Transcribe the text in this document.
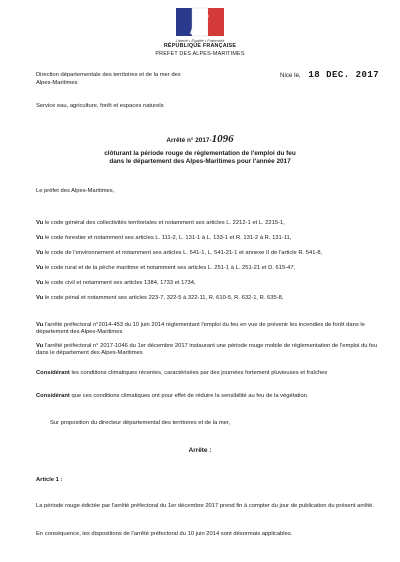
Liberté • Égalité • Fraternité
RÉPUBLIQUE FRANÇAISE
PREFET DES ALPES-MARITIMES
Direction départementale des territoires et de la mer des Alpes-Maritimes
Service eau, agriculture, forêt et espaces naturels
Nice le, 18 DEC. 2017
Arrêté n° 2017-1096
clôturant la période rouge de réglementation de l'emploi du feu
dans le département des Alpes-Maritimes pour l'année 2017
Le préfet des Alpes-Maritimes,
Vu le code général des collectivités territoriales et notamment ses articles L. 2212-1 et L. 2215-1,
Vu le code forestier et notamment ses articles L. 111-2, L. 131-1 à L. 133-1 et R. 131-2 à R. 131-11,
Vu le code de l'environnement et notamment ses articles L. 541-1, L. 541-21-1 et annexe II de l'article R. 541-8,
Vu le code rural et de la pêche maritime et notamment ses articles L. 251-1 à L. 251-21 et D. 615-47,
Vu le code civil et notamment ses articles 1384, 1733 et 1734,
Vu le code pénal et notamment ses articles 223-7, 322-5 à 322-11, R. 610-5, R. 632-1, R. 635-8,
Vu l'arrêté préfectoral n°2014-453 du 10 juin 2014 réglementant l'emploi du feu en vue de prévenir les incendies de forêt dans le département des Alpes-Maritimes
Vu l'arrêté préfectoral n° 2017-1046 du 1er décembre 2017 instaurant une période rouge mobile de réglementation de l'emploi du feu dans le département des Alpes-Maritimes
Considérant les conditions climatiques récentes, caractérisées par des journées fortement pluvieuses et fraîches
Considérant que ces conditions climatiques ont pour effet de réduire la sensibilité au feu de la végétation.
Sur proposition du directeur départemental des territoires et de la mer,
Arrête :
Article 1 :
La période rouge édictée par l'arrêté préfectoral du 1er décembre 2017 prend fin à compter du jour de publication du présent arrêté.
En conséquence, les dispositions de l'arrêté préfectoral du 10 juin 2014 sont désormais applicables.
